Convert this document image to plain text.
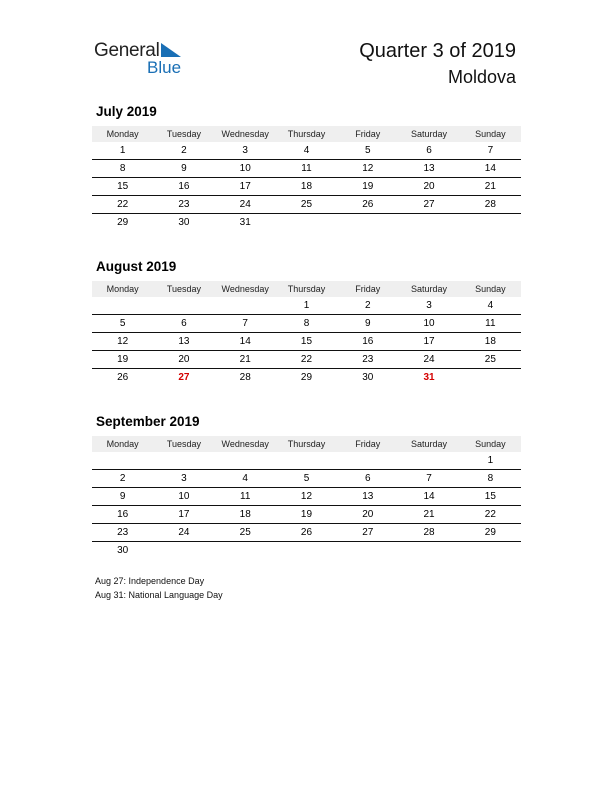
General
Blue
Quarter 3 of 2019
Moldova
July 2019
Monday	Tuesday	Wednesday	Thursday	Friday	Saturday	Sunday
1	2	3	4	5	6	7
8	9	10	11	12	13	14
15	16	17	18	19	20	21
22	23	24	25	26	27	28
29	30	31				
August 2019
Monday	Tuesday	Wednesday	Thursday	Friday	Saturday	Sunday
			1	2	3	4
5	6	7	8	9	10	11
12	13	14	15	16	17	18
19	20	21	22	23	24	25
26	27	28	29	30	31	
September 2019
Monday	Tuesday	Wednesday	Thursday	Friday	Saturday	Sunday
						1
2	3	4	5	6	7	8
9	10	11	12	13	14	15
16	17	18	19	20	21	22
23	24	25	26	27	28	29
30						
Aug 27: Independence Day
Aug 31: National Language Day
